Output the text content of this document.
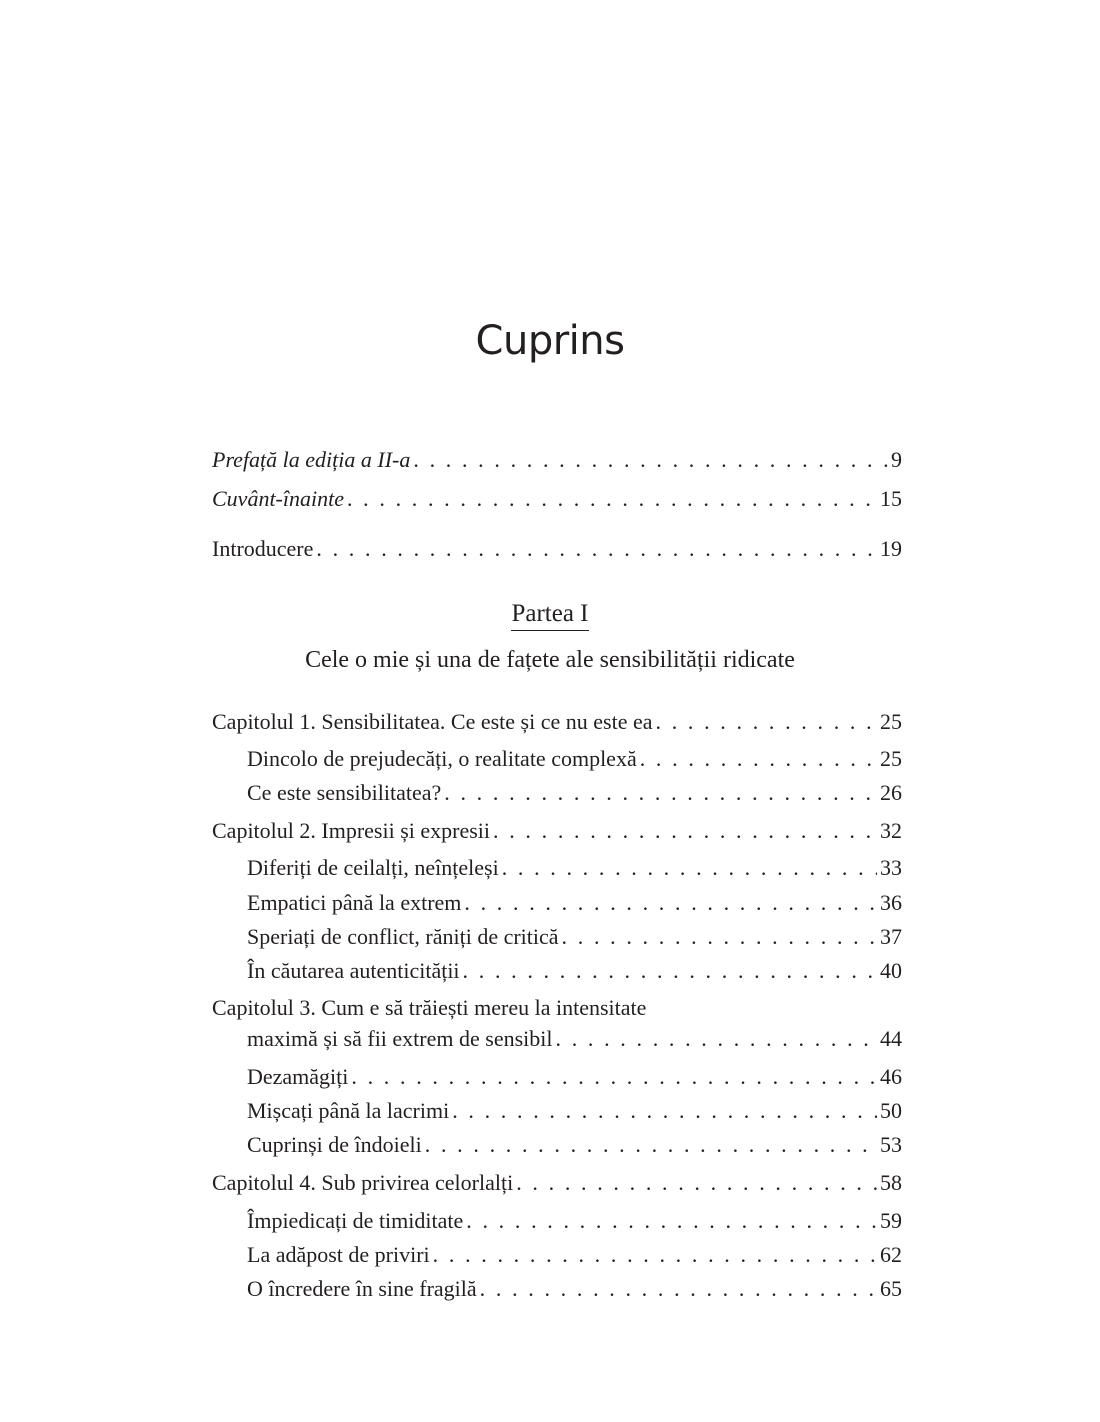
Cuprins
Prefață la ediția a II-a . . .	9
Cuvânt-înainte . . .	15
Introducere . . .	19
Partea I
Cele o mie și una de fațete ale sensibilității ridicate
Capitolul 1. Sensibilitatea. Ce este și ce nu este ea . . .	25
Dincolo de prejudecăți, o realitate complexă . . .	25
Ce este sensibilitatea? . . .	26
Capitolul 2. Impresii și expresii . . .	32
Diferiți de ceilalți, neînțeleși . . .	33
Empatici până la extrem . . .	36
Speriați de conflict, răniți de critică . . .	37
În căutarea autenticității . . .	40
Capitolul 3. Cum e să trăiești mereu la intensitate
maximă și să fii extrem de sensibil . . .	44
Dezamăgiți . . .	46
Mișcați până la lacrimi . . .	50
Cuprinși de îndoieli . . .	53
Capitolul 4. Sub privirea celorlalți . . .	58
Împiedicați de timiditate . . .	59
La adăpost de priviri . . .	62
O încredere în sine fragilă . . .	65
